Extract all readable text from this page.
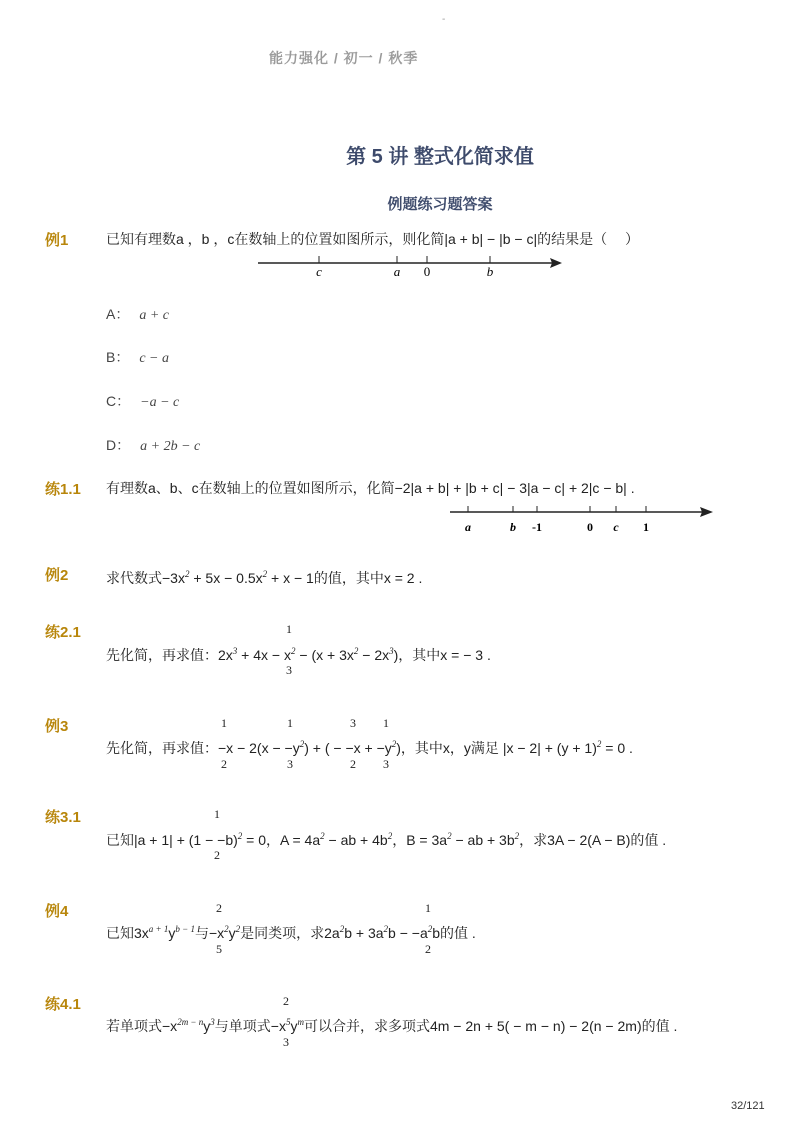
-
能力强化 / 初一 / 秋季
第 5 讲 整式化简求值
例题练习题答案
例1	已知有理数a ，b ，c在数轴上的位置如图所示，则化简|a + b| − |b − c|的结果是（　 ）
c	a 0	b
A： a + c
B： c − a
C： −a − c
D： a + 2b − c
练1.1 有理数a、b、c在数轴上的位置如图所示，化简−2|a + b| + |b + c| − 3|a − c| + 2|c − b| .
a	b -1	0 c 1
例2	求代数式$-3x^2 + 5x - 0.5x^2 + x - 1$的值，其中x = 2 .
练2.1	1
先化简，再求值：$2x^3 + 4x - x^2 - (x + 3x^2 - 2x^3)$，其中x = − 3 .
3
例3	1	1	3 1
先化简，再求值：$-x - 2(x - -y^2)$ + ( − $-x + -y^2$)，其中x，y满足 $|x - 2| + (y + 1)^2 = 0$ .
2	3	2 3
练3.1	1
已知$|a + 1| + (1 - -b)^2 = 0$，$A = 4a^2$ − ab + $4b^2$，$B = 3a^2$ − ab + $3b^2$，求3A − 2(A − B)的值 .
2
例4	2	1
已知$3x^{a + 1}y^{b - 1}$与$-x^2y^2$是同类项，求$2a^2b + 3a^2b - -a^2b$的值 .
5	2
练4.1	2
若单项式$-x^{2m - n}y^3$与单项式$-x^5y^m$可以合并，求多项式4m − 2n + 5( − m − n) − 2(n − 2m)的值 .
3
32/121
